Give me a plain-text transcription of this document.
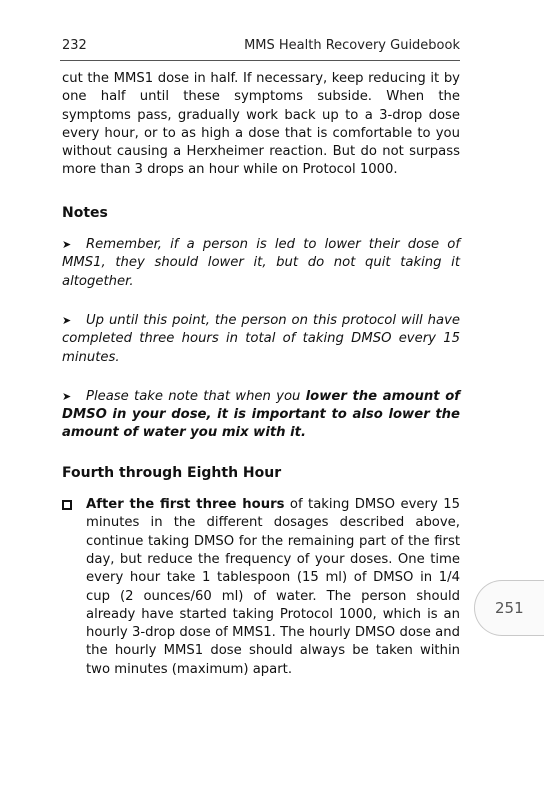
232	MMS Health Recovery Guidebook

cut the MMS1 dose in half. If necessary, keep reducing it by one half until these symptoms subside. When the symptoms pass, gradually work back up to a 3-drop dose every hour, or to as high a dose that is comfortable to you without causing a Herxheimer reaction. But do not surpass more than 3 drops an hour while on Protocol 1000.

Notes

➤ Remember, if a person is led to lower their dose of MMS1, they should lower it, but do not quit taking it altogether.

➤ Up until this point, the person on this protocol will have completed three hours in total of taking DMSO every 15 minutes.

➤ Please take note that when you lower the amount of DMSO in your dose, it is important to also lower the amount of water you mix with it.

Fourth through Eighth Hour

After the first three hours of taking DMSO every 15 minutes in the different dosages described above, continue taking DMSO for the remaining part of the first day, but reduce the frequency of your doses. One time every hour take 1 tablespoon (15 ml) of DMSO in 1/4 cup (2 ounces/60 ml) of water. The person should already have started taking Protocol 1000, which is an hourly 3-drop dose of MMS1. The hourly DMSO dose and the hourly MMS1 dose should always be taken within two minutes (maximum) apart.

251
